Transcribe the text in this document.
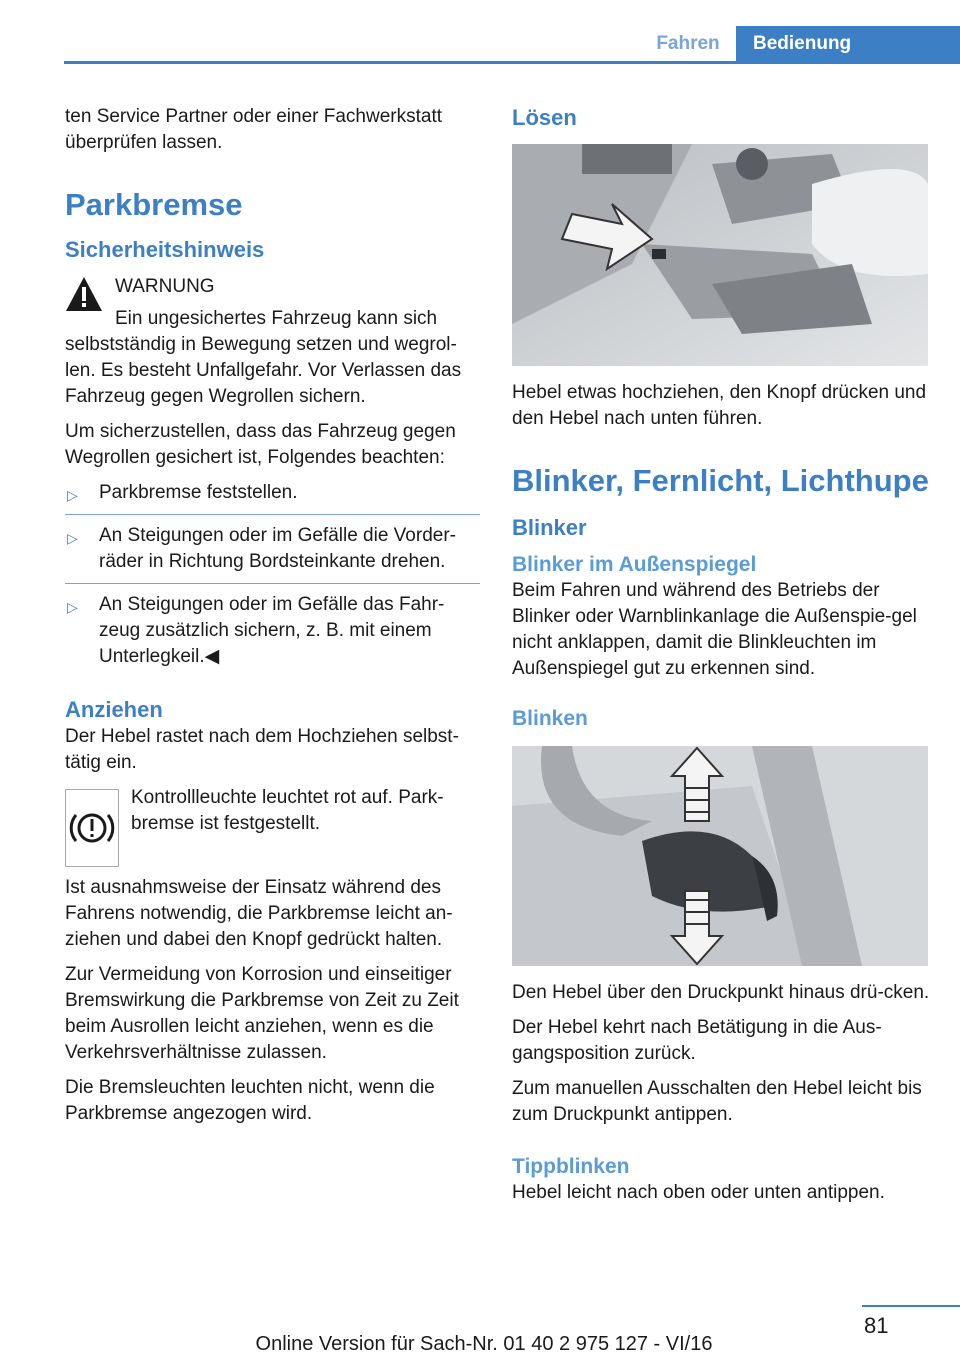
Fahren	Bedienung

ten Service Partner oder einer Fachwerkstatt überprüfen lassen.

Parkbremse
Sicherheitshinweis

WARNUNG

Ein ungesichertes Fahrzeug kann sich selbstständig in Bewegung setzen und wegrol‐len. Es besteht Unfallgefahr. Vor Verlassen das Fahrzeug gegen Wegrollen sichern.

Um sicherzustellen, dass das Fahrzeug gegen Wegrollen gesichert ist, Folgendes beachten:

▷ Parkbremse feststellen.
▷ An Steigungen oder im Gefälle die Vorder‐räder in Richtung Bordsteinkante drehen.
▷ An Steigungen oder im Gefälle das Fahr‐zeug zusätzlich sichern, z. B. mit einem Unterlegkeil.◀
Anziehen

Der Hebel rastet nach dem Hochziehen selbst‐tätig ein.

Kontrollleuchte leuchtet rot auf. Park‐bremse ist festgestellt.

Ist ausnahmsweise der Einsatz während des Fahrens notwendig, die Parkbremse leicht an‐ziehen und dabei den Knopf gedrückt halten.

Zur Vermeidung von Korrosion und einseitiger Bremswirkung die Parkbremse von Zeit zu Zeit beim Ausrollen leicht anziehen, wenn es die Verkehrsverhältnisse zulassen.

Die Bremsleuchten leuchten nicht, wenn die Parkbremse angezogen wird.

Lösen

Hebel etwas hochziehen, den Knopf drücken und den Hebel nach unten führen.

Blinker, Fernlicht, Lichthupe
Blinker
Blinker im Außenspiegel

Beim Fahren und während des Betriebs der Blinker oder Warnblinkanlage die Außenspie‐gel nicht anklappen, damit die Blinkleuchten im Außenspiegel gut zu erkennen sind.

Blinken

Den Hebel über den Druckpunkt hinaus drü‐cken.

Der Hebel kehrt nach Betätigung in die Aus‐gangsposition zurück.

Zum manuellen Ausschalten den Hebel leicht bis zum Druckpunkt antippen.

Tippblinken

Hebel leicht nach oben oder unten antippen.

81
Online Version für Sach-Nr. 01 40 2 975 127 - VI/16
